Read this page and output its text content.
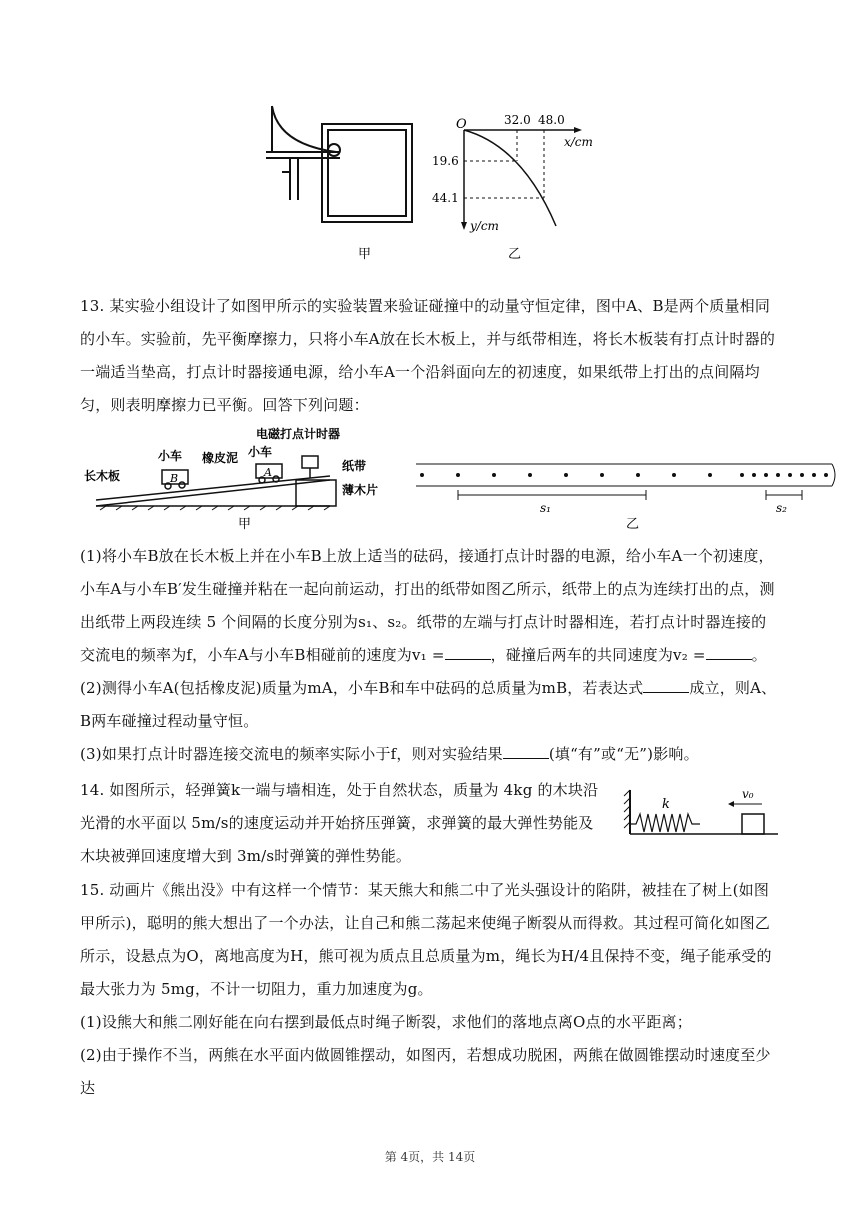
甲
O	32.0 48.0
x/cm
19.6
44.1
y/cm
乙

13. 某实验小组设计了如图甲所示的实验装置来验证碰撞中的动量守恒定律，图中A、B是两个质量相同的小车。实验前，先平衡摩擦力，只将小车A放在长木板上，并与纸带相连，将长木板装有打点计时器的一端适当垫高，打点计时器接通电源，给小车A一个沿斜面向左的初速度，如果纸带上打出的点间隔均匀，则表明摩擦力已平衡。回答下列问题：

B	A
电磁打点计时器
小车 橡皮泥 小车
长木板
纸带
薄木片
甲
s₁	s₂
乙

(1)将小车B放在长木板上并在小车B上放上适当的砝码，接通打点计时器的电源，给小车A一个初速度，小车A与小车B′发生碰撞并粘在一起向前运动，打出的纸带如图乙所示，纸带上的点为连续打出的点，测出纸带上两段连续 5 个间隔的长度分别为s₁、s₂。纸带的左端与打点计时器相连，若打点计时器连接的交流电的频率为f，小车A与小车B相碰前的速度为v₁ =	，碰撞后两车的共同速度为v₂ =	。

(2)测得小车A(包括橡皮泥)质量为mA，小车B和车中砝码的总质量为mB，若表达式	成立，则A、B两车碰撞过程动量守恒。

(3)如果打点计时器连接交流电的频率实际小于f，则对实验结果	(填“有”或“无”)影响。

14. 如图所示，轻弹簧k一端与墙相连，处于自然状态，质量为 4kg 的木块沿光滑的水平面以 5m/s的速度运动并开始挤压弹簧，求弹簧的最大弹性势能及木块被弹回速度增大到 3m/s时弹簧的弹性势能。

k
v₀

15. 动画片《熊出没》中有这样一个情节：某天熊大和熊二中了光头强设计的陷阱，被挂在了树上(如图甲所示)，聪明的熊大想出了一个办法，让自己和熊二荡起来使绳子断裂从而得救。其过程可简化如图乙所示，设悬点为O，离地高度为H，熊可视为质点且总质量为m，绳长为H/4且保持不变，绳子能承受的最大张力为 5mg，不计一切阻力，重力加速度为g。

(1)设熊大和熊二刚好能在向右摆到最低点时绳子断裂，求他们的落地点离O点的水平距离；

(2)由于操作不当，两熊在水平面内做圆锥摆动，如图丙，若想成功脱困，两熊在做圆锥摆动时速度至少达

第 4页，共 14页
